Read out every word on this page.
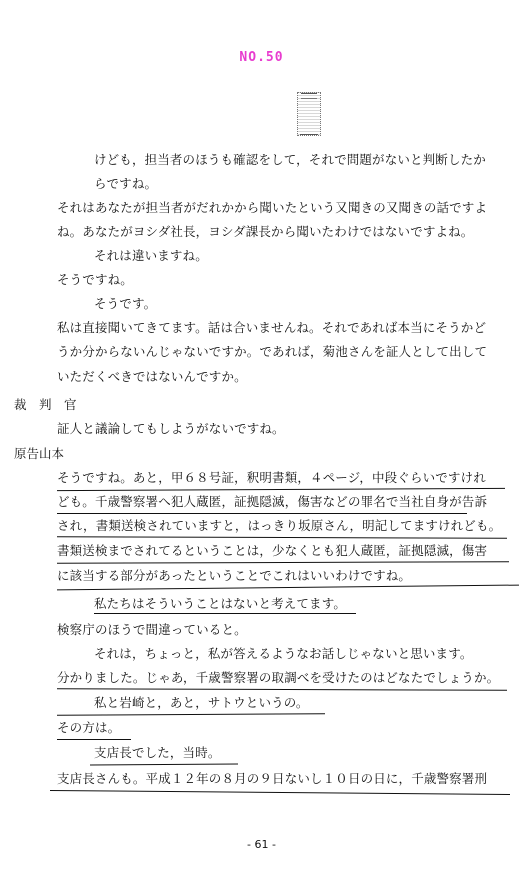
NO.50
けども，担当者のほうも確認をして，それで問題がないと判断したか
らですね。
それはあなたが担当者がだれかから聞いたという又聞きの又聞きの話ですよ
ね。あなたがヨシダ社長，ヨシダ課長から聞いたわけではないですよね。
それは違いますね。
そうですね。
そうです。
私は直接聞いてきてます。話は合いませんね。それであれば本当にそうかど
うか分からないんじゃないですか。であれば，菊池さんを証人として出して
いただくべきではないんですか。
裁　判　官
証人と議論してもしようがないですね。
原告山本
そうですね。あと，甲６８号証，釈明書類，４ページ，中段ぐらいですけれ
ども。千歳警察署へ犯人蔵匿，証拠隠滅，傷害などの罪名で当社自身が告訴
され，書類送検されていますと，はっきり坂原さん，明記してますけれども。
書類送検までされてるということは，少なくとも犯人蔵匿，証拠隠滅，傷害
に該当する部分があったということでこれはいいわけですね。
私たちはそういうことはないと考えてます。
検察庁のほうで間違っていると。
それは，ちょっと，私が答えるようなお話しじゃないと思います。
分かりました。じゃあ，千歳警察署の取調べを受けたのはどなたでしょうか。
私と岩崎と，あと，サトウというの。
その方は。
支店長でした，当時。
支店長さんも。平成１２年の８月の９日ないし１０日の日に，千歳警察署刑
- 61 -
